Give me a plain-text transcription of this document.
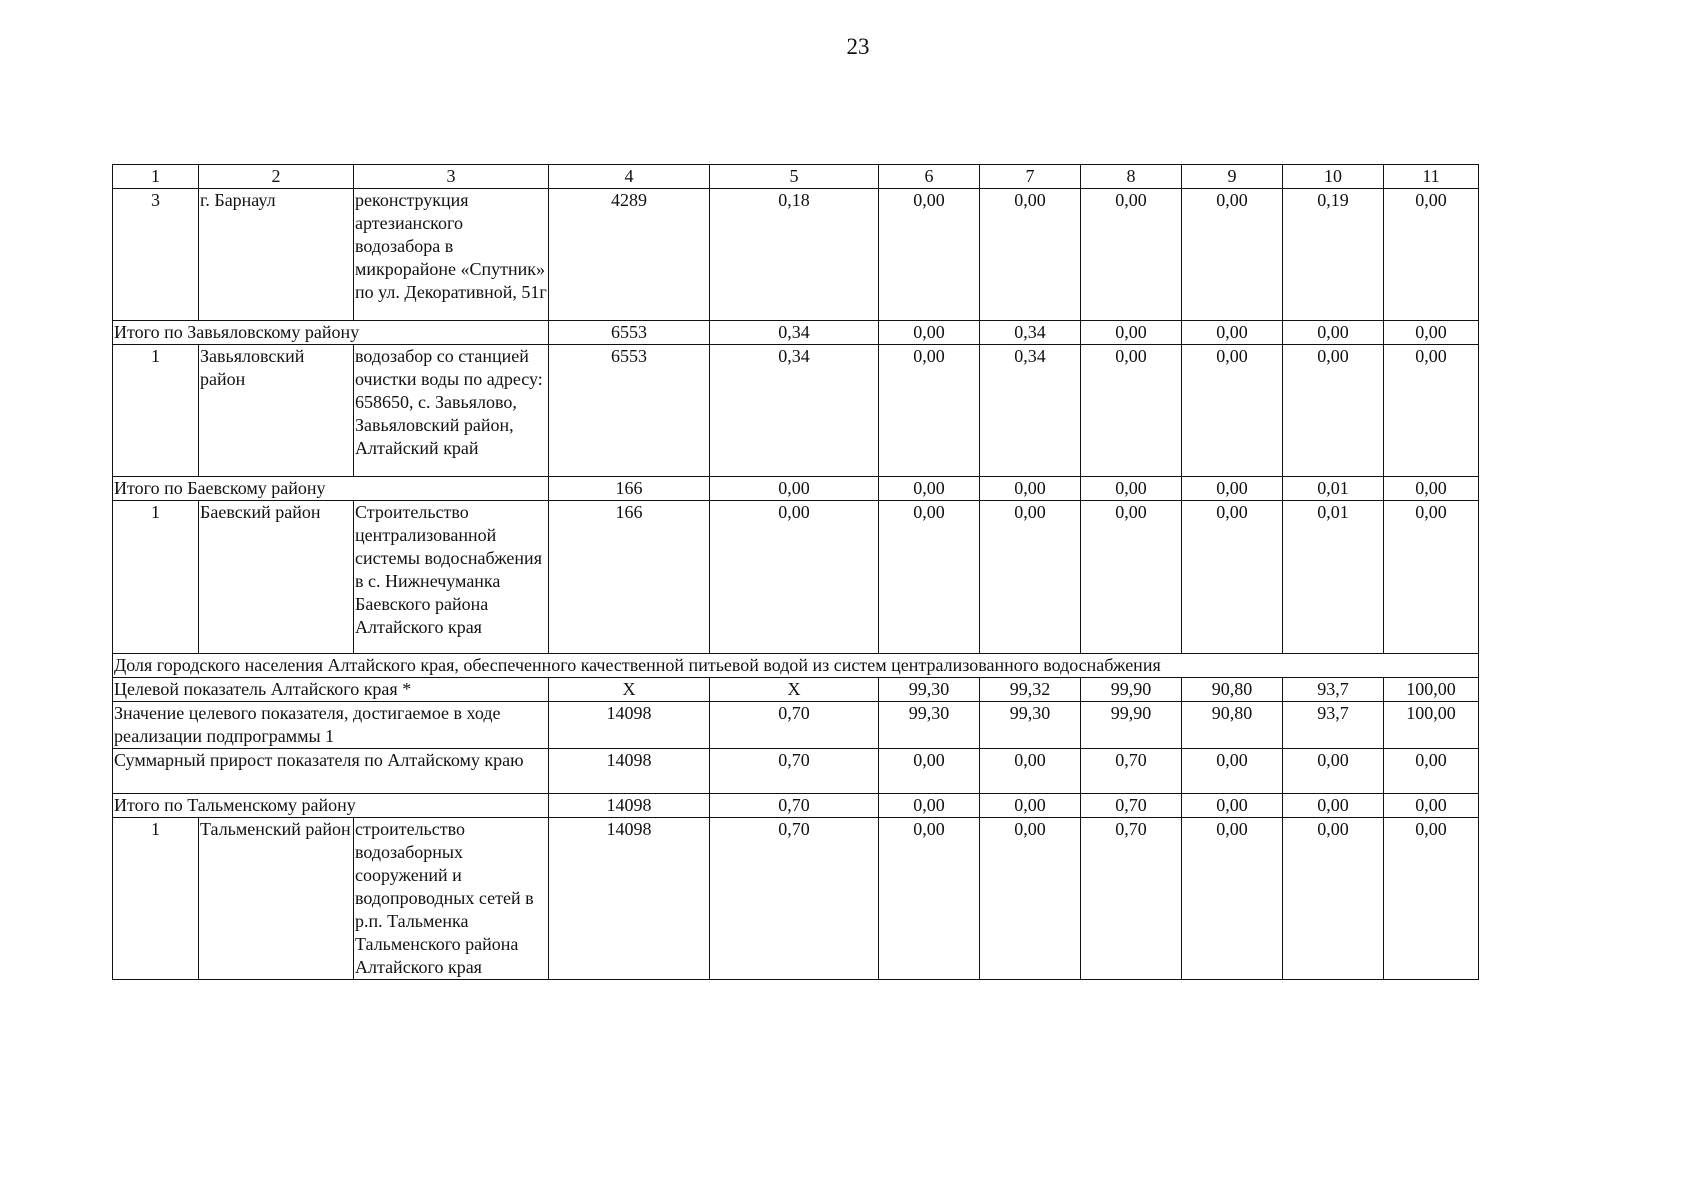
23
1	2	3	4	5	6	7	8	9	10	11
3	г. Барнаул	реконструкция артезианского водозабора в микрорайоне «Спутник» по ул. Декоративной, 51г	4289	0,18	0,00	0,00	0,00	0,00	0,19	0,00
Итого по Завьяловскому району			6553	0,34	0,00	0,34	0,00	0,00	0,00	0,00
1	Завьяловский район	водозабор со станцией очистки воды по адресу: 658650, с. Завьялово, Завьяловский район, Алтайский край	6553	0,34	0,00	0,34	0,00	0,00	0,00	0,00
Итого по Баевскому району			166	0,00	0,00	0,00	0,00	0,00	0,01	0,00
1	Баевский район	Строительство централизованной системы водоснабжения в с. Нижнечуманка Баевского района Алтайского края	166	0,00	0,00	0,00	0,00	0,00	0,01	0,00
Доля городского населения Алтайского края, обеспеченного качественной питьевой водой из систем централизованного водоснабжения										
Целевой показатель Алтайского края *			Х	Х	99,30	99,32	99,90	90,80	93,7	100,00
Значение целевого показателя, достигаемое в ходе реализации подпрограммы 1			14098	0,70	99,30	99,30	99,90	90,80	93,7	100,00
Суммарный прирост показателя по Алтайскому краю			14098	0,70	0,00	0,00	0,70	0,00	0,00	0,00
Итого по Тальменскому району			14098	0,70	0,00	0,00	0,70	0,00	0,00	0,00
1	Тальменский район	строительство водозаборных сооружений и водопроводных сетей в р.п. Тальменка Тальменского района Алтайского края	14098	0,70	0,00	0,00	0,70	0,00	0,00	0,00
